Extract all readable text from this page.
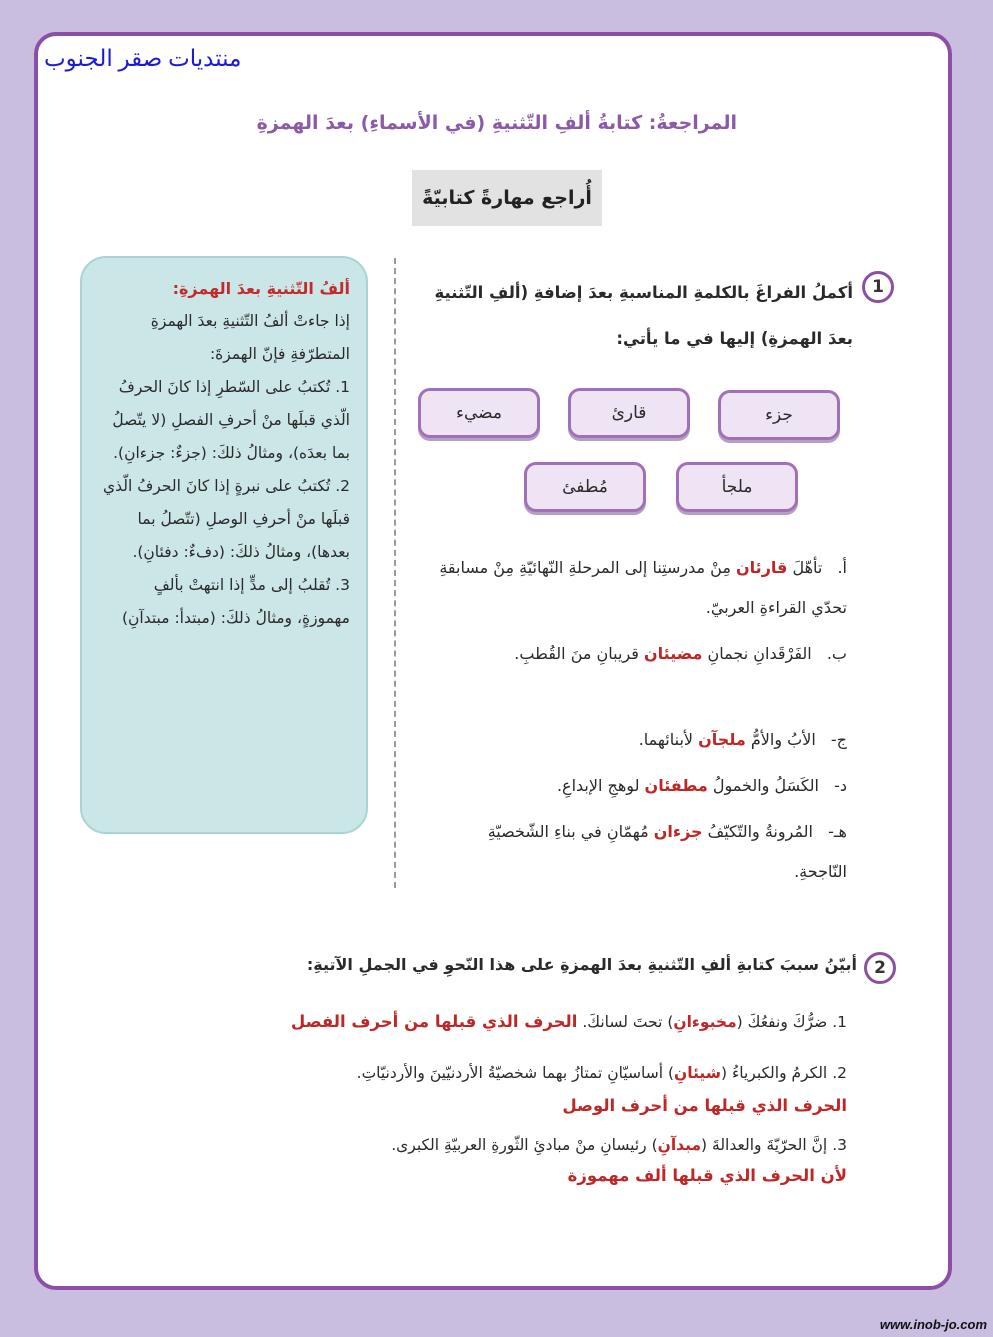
منتديات صقر الجنوب
المراجعةُ: كتابةُ ألفِ التّثنيةِ (في الأسماءِ) بعدَ الهمزةِ
أُراجع مهارةً كتابيّةً
ألفُ التّثنيةِ بعدَ الهمزةِ:
إذا جاءتْ ألفُ التّثنيةِ بعدَ الهمزةِ المتطرّفةِ فإنّ الهمزةَ:
1. تُكتبُ على السّطرِ إذا كانَ الحرفُ الّذي قبلَها منْ أحرفِ الفصلِ (لا يتّصلُ بما بعدَه)، ومثالُ ذلكَ: (جزءٌ: جزءانِ).
2. تُكتبُ على نبرةٍ إذا كانَ الحرفُ الّذي قبلَها منْ أحرفِ الوصلِ (تتّصلُ بما بعدها)، ومثالُ ذلكَ: (دفءٌ: دفئانِ).
3. تُقلبُ إلى مدٍّ إذا انتهتْ بألفٍ مهموزةٍ، ومثالُ ذلكَ: (مبتدأ: مبتدآنِ)
1
أكملُ الفراغَ بالكلمةِ المناسبةِ بعدَ إضافةِ (ألفِ التّثنيةِ بعدَ الهمزةِ) إليها في ما يأتي:
جزء
قارئ
مضيء
ملجأ
مُطفئ
أ. تأهّلَ قارئان مِنْ مدرستِنا إلى المرحلةِ النّهائيّةِ مِنْ مسابقةِ تحدّي القراءةِ العربيّ.
ب. الفَرْقَدانِ نجمانِ مضيئان قريبانِ منَ القُطبِ.
ج- الأبُ والأمُّ ملجآن لأبنائهما.
د- الكَسَلُ والخمولُ مطفئان لوهجِ الإبداعِ.
هـ- المُرونةُ والتّكيّفُ جزءان مُهمّانِ في بناءِ الشّخصيّةِ النّاجحةِ.
2
أبيّنُ سببَ كتابةِ ألفِ التّثنيةِ بعدَ الهمزةِ على هذا النّحوِ في الجملِ الآتيةِ:
1. ضرُّكَ ونفعُكَ (مخبوءانِ) تحتَ لسانكَ. الحرف الذي قبلها من أحرف الفصل
2. الكرمُ والكبرياءُ (شيئانِ) أساسيّانِ تمتازُ بهما شخصيّةُ الأردنيّينَ والأردنيّاتِ.
الحرف الذي قبلها من أحرف الوصل
3. إنَّ الحرّيّةَ والعدالةَ (مبدآنِ) رئيسانِ منْ مبادئِ الثّورةِ العربيّةِ الكبرى.
لأن الحرف الذي قبلها ألف مهموزة
www.inob-jo.com
